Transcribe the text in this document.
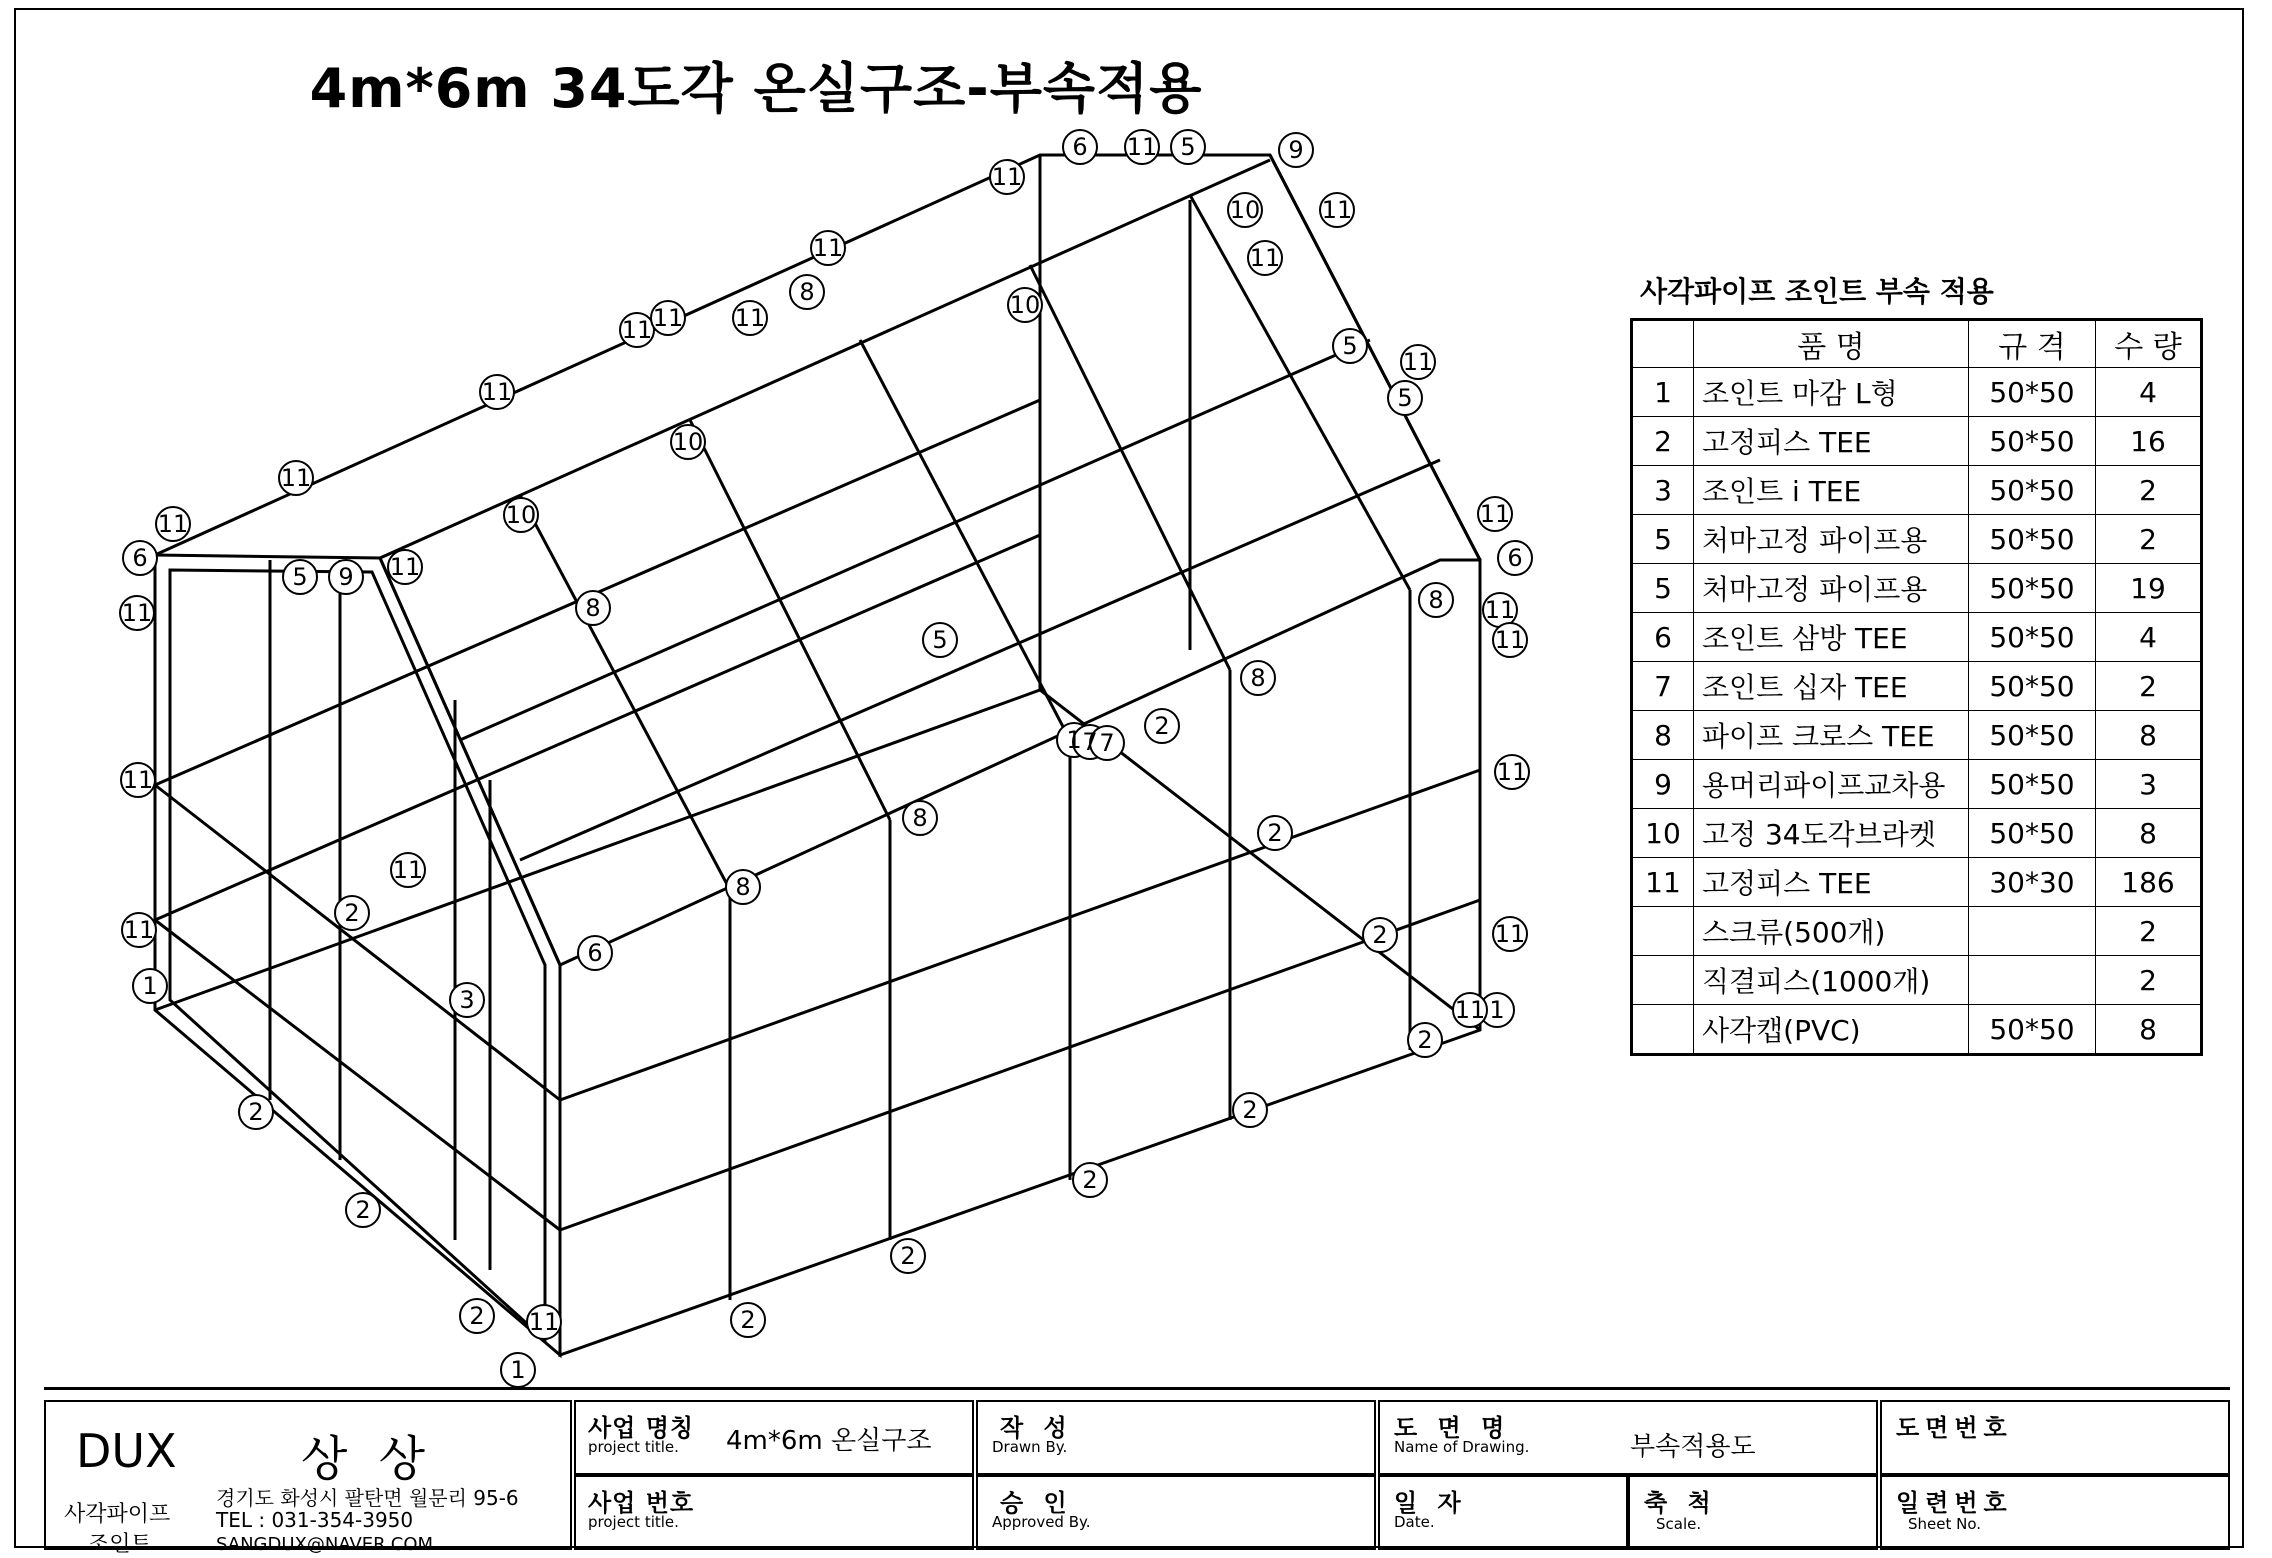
4m*6m 34도각 온실구조-부속적용
6 11 5	9
11
11
10
11
8
11
11 11 11
11
11
5
5
11
11
11
6	6
11	11
11
11	11
11	11
1
1
2
2
2
2
2
2
1
2
2
11
6
8
8
1
8
8
5 9 11
10
10
10
11
3
2
2
2
2
5
7 7
8
11
사각파이프 조인트 부속 적용
	품 명	규 격	수 량
1	조인트 마감 L형	50*50	4
2	고정피스 TEE	50*50	16
3	조인트 i TEE	50*50	2
5	처마고정 파이프용	50*50	2
5	처마고정 파이프용	50*50	19
6	조인트 삼방 TEE	50*50	4
7	조인트 십자 TEE	50*50	2
8	파이프 크로스 TEE	50*50	8
9	용머리파이프교차용	50*50	3
10	고정 34도각브라켓	50*50	8
11	고정피스 TEE	30*30	186
	스크류(500개)		2
	직결피스(1000개)		2
	사각캡(PVC)	50*50	8
DUX	상 상
사각파이프
조인트
경기도 화성시 팔탄면 월문리 95-6
TEL : 031-354-3950
SANGDUX@NAVER.COM
사업 명칭
project title. 4m*6m 온실구조
사업 번호
project title.
작 성
Drawn By.
승 인
Approved By.
도 면 명
Name of Drawing.	부속적용도
일 자
Date.
축 척
Scale.
도면번호
일련번호
Sheet No.
